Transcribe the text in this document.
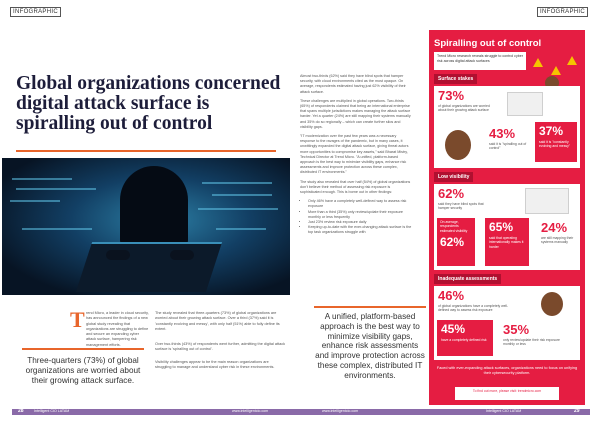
INFOGRAPHIC	INFOGRAPHIC
Global organizations concerned digital attack surface is spiralling out of control
T rend Micro, a leader in cloud security, has announced the findings of a new global study revealing that organizations are struggling to define and secure an expanding cyber attack surface, hampering risk management efforts.
Three-quarters (73%) of global organizations are worried about their growing attack surface.
The study revealed that three-quarters (73%) of global organizations are worried about their growing attack surface. Over a third (37%) said it is 'constantly evolving and messy', with only half (51%) able to fully define its extent.
Over two-thirds (43%) of respondents went further, admitting the digital attack surface is 'spiralling out of control'.
Visibility challenges appear to be the main reason organizations are struggling to manage and understand cyber risk in these environments.

Almost two-thirds (62%) said they have blind spots that hamper security, with cloud environments cited as the most opaque. On average, respondents estimated having just 62% visibility of their attack surface.

These challenges are multiplied in global operations. Two-thirds (65%) of respondents claimed that being an international enterprise that spans multiple jurisdictions makes managing the attack surface harder. Yet a quarter (24%) are still mapping their systems manually and 35% do so regionally – which can create further silos and visibility gaps.

"IT modernization over the past few years was a necessary response to the ravages of the pandemic, but in many cases, it unwittingly expanded the digital attack surface, giving threat actors more opportunities to compromise key assets," said Bharat Mistry, Technical Director at Trend Micro. "A unified, platform-based approach is the best way to minimize visibility gaps, enhance risk assessments and improve protection across these complex, distributed IT environments."

The study also revealed that over half (54%) of global organizations don't believe their method of assessing risk exposure is sophisticated enough. This is borne out in other findings:

• Only 46% have a completely well-defined way to assess risk exposure
• More than a third (35%) only review/update their exposure monthly or less frequently
• Just 23% review risk exposure daily
• Keeping up-to-date with the ever-changing attack surface is the top task organizations struggle with
A unified, platform-based approach is the best way to minimize visibility gaps, enhance risk assessments and improve protection across these complex, distributed IT environments.
Spiralling out of control
Trend Micro research reveals struggle to control cyber risk across digital attack surfaces
Surface stakes
73%
of global organizations are worried about their growing attack surface
43%
said it is "spiralling out of control"
37%
said it is "constantly evolving and messy"
Low visibility
62%
said they have blind spots that hamper security
62%
On average, respondents estimated visibility	65%
said that operating internationally makes it harder
24%
are still mapping their systems manually
Inadequate assessments
46%
of global organizations have a completely well-defined way to assess risk exposure
45%
have a completely defined risk
35%
only review/update their risk exposure monthly or less
Faced with ever-expanding attack surfaces, organizations need to focus on unifying their cybersecurity platform.
To find out more, please visit: trendmicro.com
28	Intelligent CIO LATAM	www.intelligentcio.com	www.intelligentcio.com	Intelligent CIO LATAM	29
